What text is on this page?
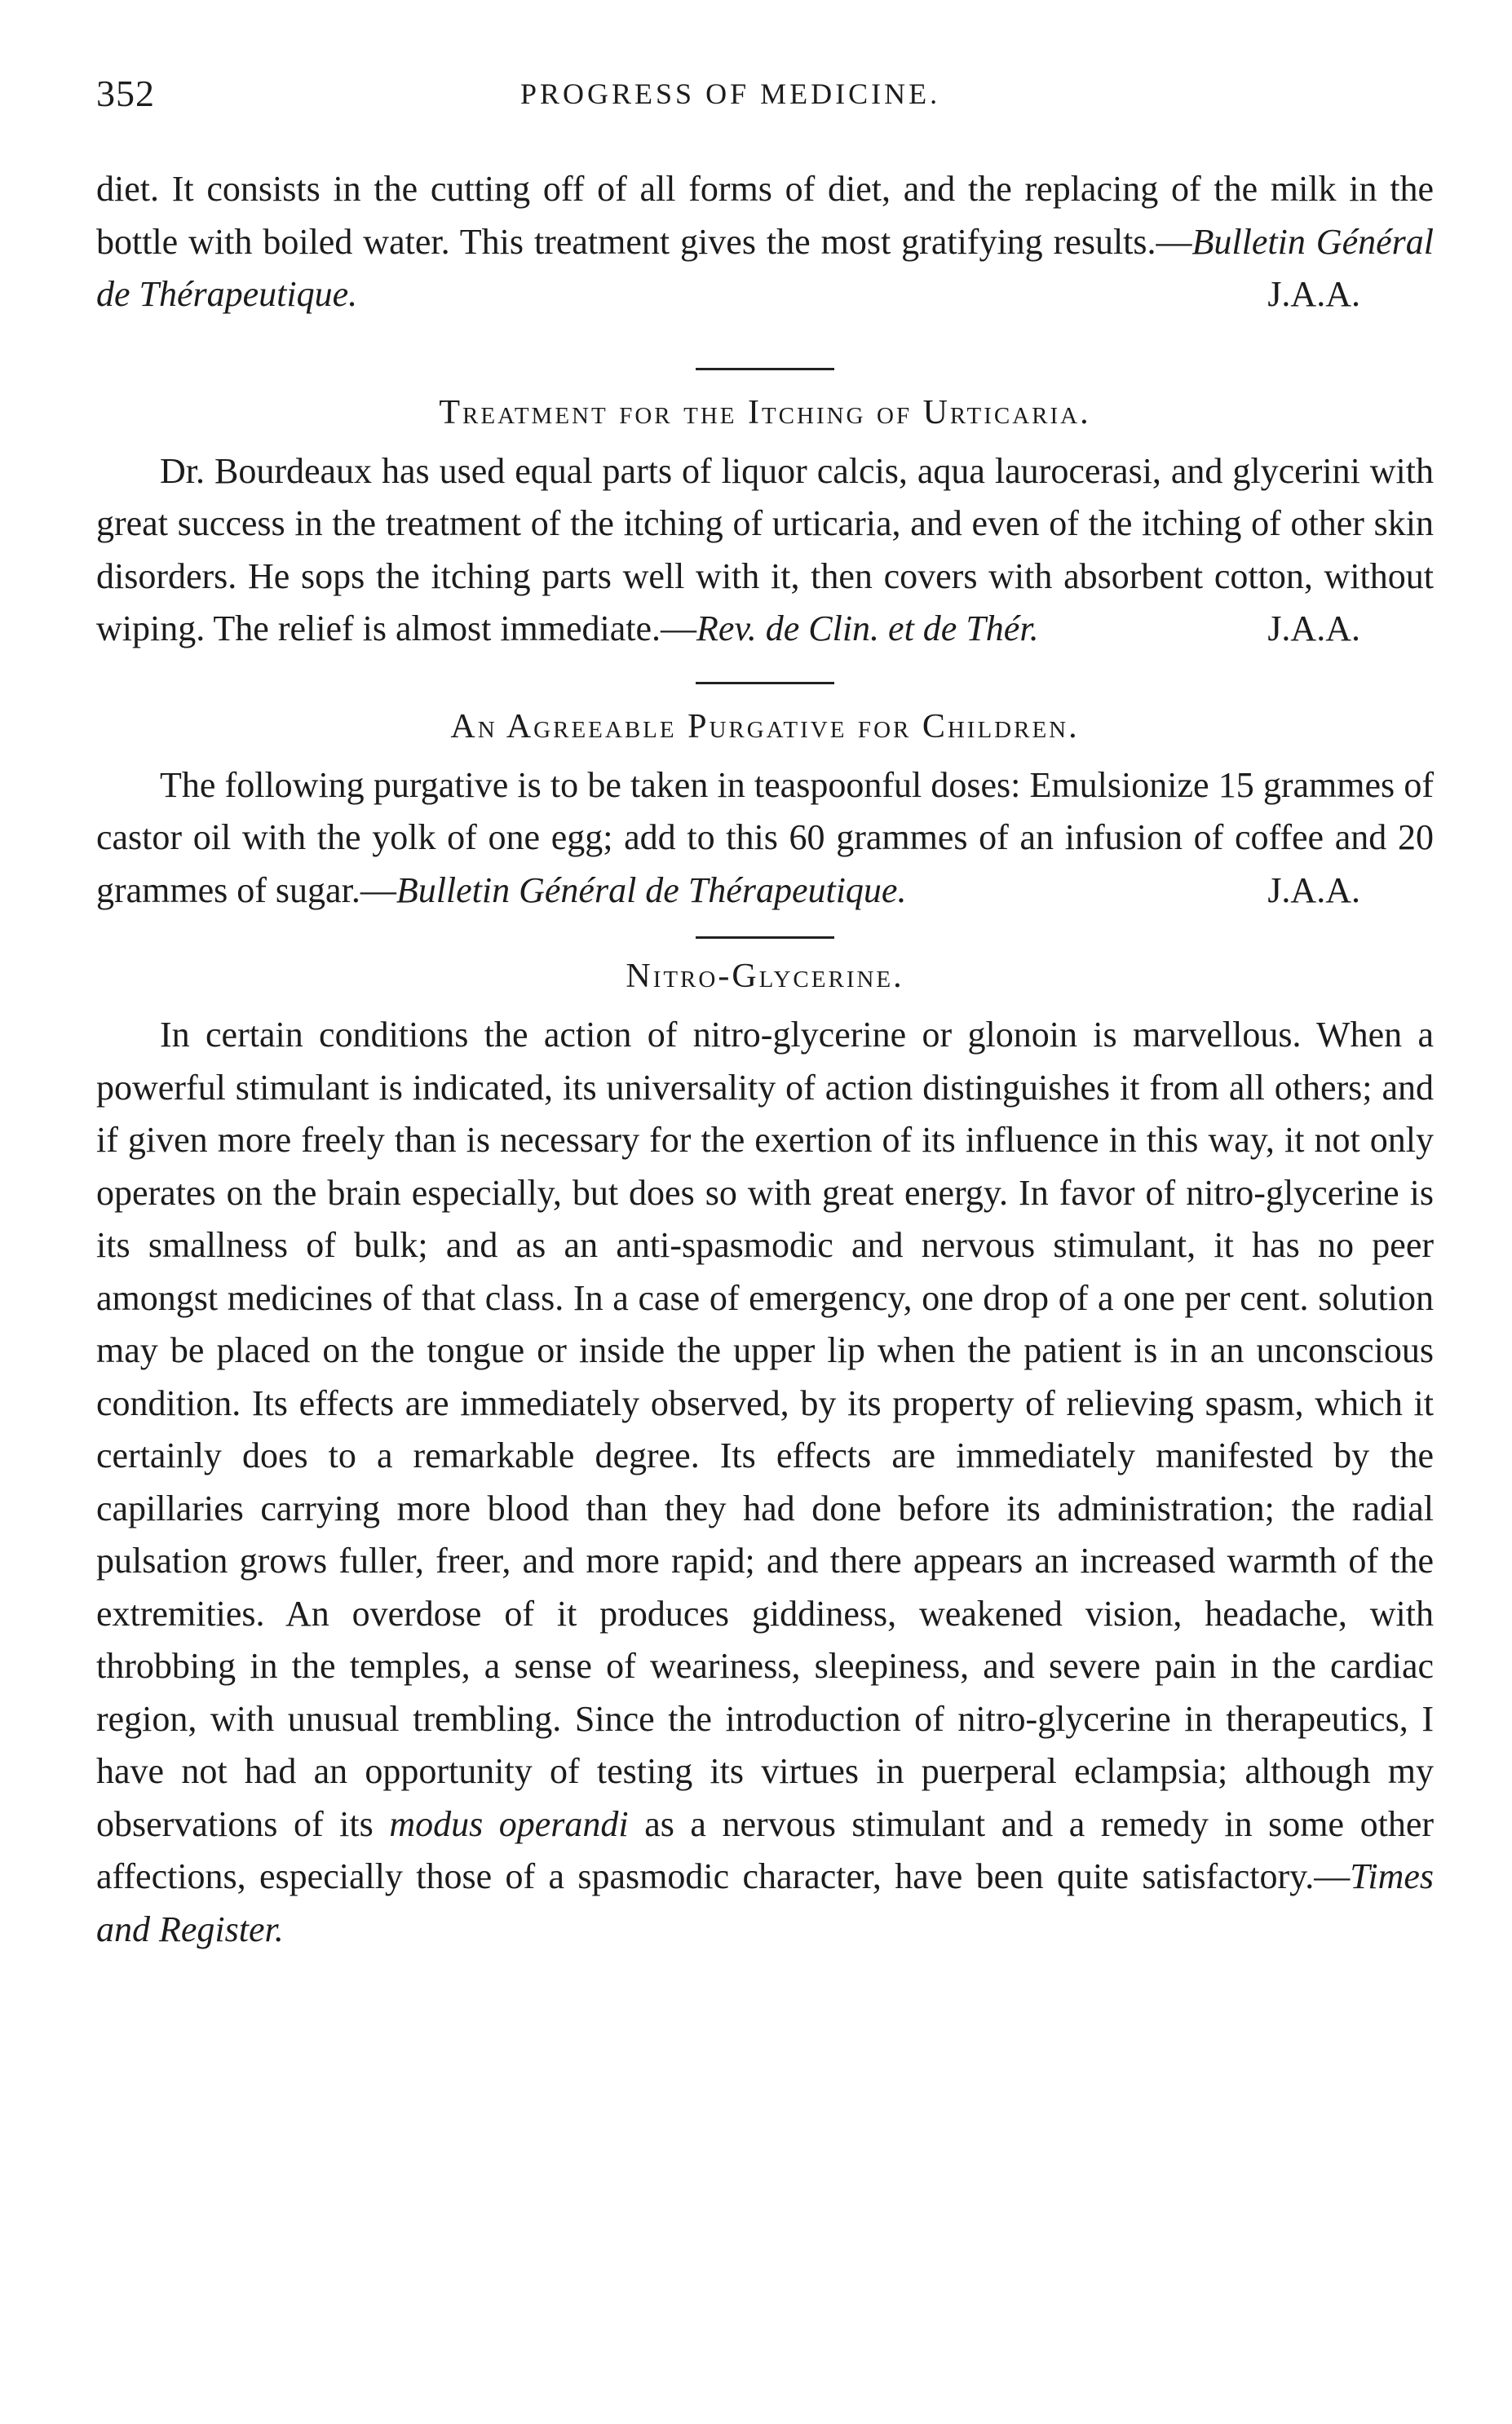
352	PROGRESS OF MEDICINE.

diet. It consists in the cutting off of all forms of diet, and the replacing of the milk in the bottle with boiled water. This treatment gives the most gratifying results.—Bulletin Général de Thérapeutique.	J.A.A.

Treatment for the Itching of Urticaria.

Dr. Bourdeaux has used equal parts of liquor calcis, aqua laurocerasi, and glycerini with great success in the treatment of the itching of urticaria, and even of the itching of other skin disorders. He sops the itching parts well with it, then covers with absorbent cotton, without wiping. The relief is almost immediate.—Rev. de Clin. et de Thér.	J.A.A.

An Agreeable Purgative for Children.

The following purgative is to be taken in teaspoonful doses: Emulsionize 15 grammes of castor oil with the yolk of one egg; add to this 60 grammes of an infusion of coffee and 20 grammes of sugar.—Bulletin Général de Thérapeutique.	J.A.A.

Nitro-Glycerine.

In certain conditions the action of nitro-glycerine or glonoin is marvellous. When a powerful stimulant is indicated, its universality of action distinguishes it from all others; and if given more freely than is necessary for the exertion of its influence in this way, it not only operates on the brain especially, but does so with great energy. In favor of nitro-glycerine is its smallness of bulk; and as an anti-spasmodic and nervous stimulant, it has no peer amongst medicines of that class. In a case of emergency, one drop of a one per cent. solution may be placed on the tongue or inside the upper lip when the patient is in an unconscious condition. Its effects are immediately observed, by its property of relieving spasm, which it certainly does to a remarkable degree. Its effects are immediately manifested by the capillaries carrying more blood than they had done before its administration; the radial pulsation grows fuller, freer, and more rapid; and there appears an increased warmth of the extremities. An overdose of it produces giddiness, weakened vision, headache, with throbbing in the temples, a sense of weariness, sleepiness, and severe pain in the cardiac region, with unusual trembling. Since the introduction of nitro-glycerine in therapeutics, I have not had an opportunity of testing its virtues in puerperal eclampsia; although my observations of its modus operandi as a nervous stimulant and a remedy in some other affections, especially those of a spasmodic character, have been quite satisfactory.—Times and Register.
